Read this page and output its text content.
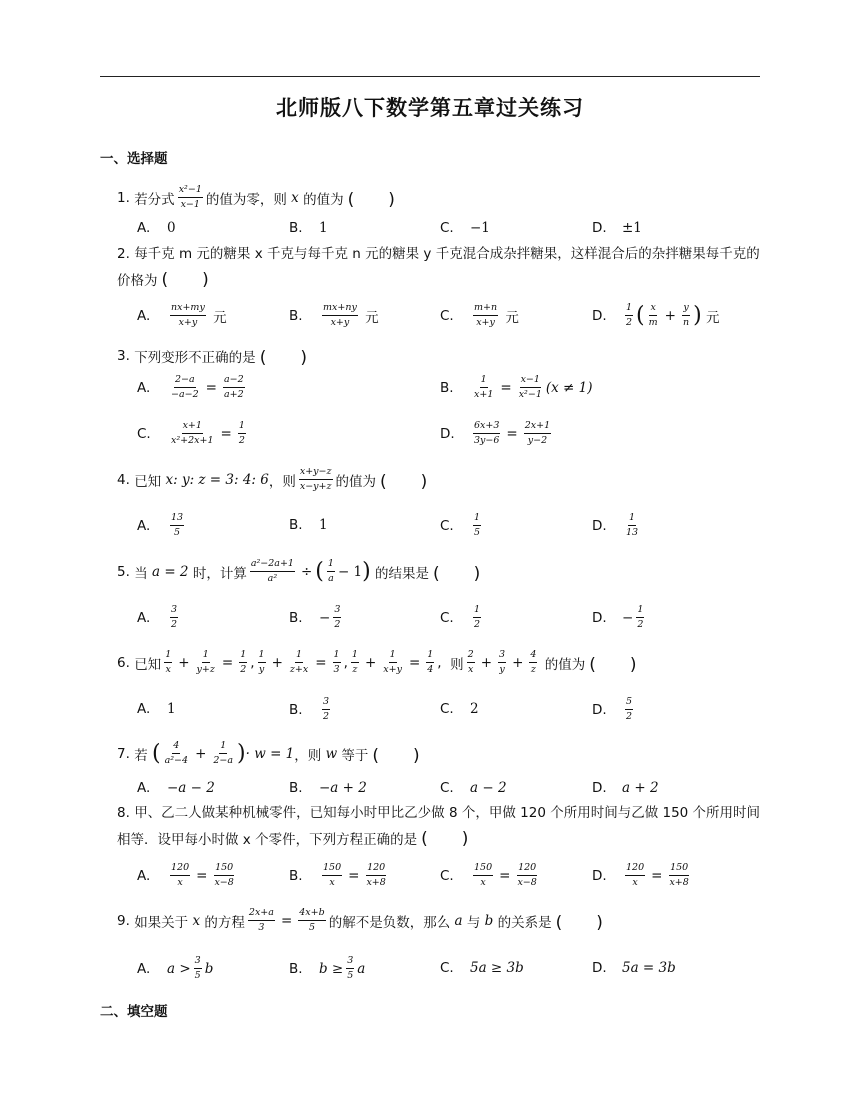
北师版八下数学第五章过关练习
一、选择题
1.
若分式 $\frac{\text{x²−1}}{x-1}$ 的值为零，则
x
的值为 (　　)
A.	0	B.	1	C.	−1	D.	±1
2. 每千克 m 元的糖果 x 千克与每千克 n 元的糖果 y 千克混合成杂拌糖果，这样混合后的杂拌糖果每千克的价格为 (　　)
A.	$\frac{nx+my}{x+y}$
元	B.	$\frac{mx+ny}{x+y}$
元	C.	$\frac{m+n}{x+y}$
元	D.	$\frac{1}{2}$ ( $\frac{x}{m} + \frac{y}{n}$ )
元
3.
下列变形不正确的是 (　　)
A.	$\frac{2-a}{-a-2} = \frac{a-2}{a+2}$	B.	$\frac{1}{x+1} = \frac{x-1}{\text{x²−1}} (x \ne 1)$
C.	$\frac{x+1}{\text{x²+2x+1}} = \frac{1}{2}$	D.	$\frac{6x+3}{3y-6} = \frac{2x+1}{y-2}$
4.
已知
x: y: z = 3: 4: 6 ，则 $\frac{x+y-z}{x-y+z}$ 的值为 (　　)
A.	$\frac{13}{5}$	B.	1	C.	$\frac{1}{5}$	D.	$\frac{1}{13}$
5.
当
a = 2
时，计算 $\frac{\text{a²−2a+1}}{\text{a²}}$ ÷ ( $\frac{1}{a} - 1$ )
的结果是 (　　)
A.	$\frac{3}{2}$	B.	− $\frac{3}{2}$	C.	$\frac{1}{2}$	D.	− $\frac{1}{2}$
6.
已知 $\frac{1}{x} + \frac{1}{y+z} = \frac{1}{2}$ , $\frac{1}{y} + \frac{1}{z+x} = \frac{1}{3}$ , $\frac{1}{z} + \frac{1}{x+y} = \frac{1}{4}$ , 则 $\frac{2}{x} + \frac{3}{y} + \frac{4}{z}$
的值为 (　　)
A.	1	B.	$\frac{3}{2}$	C.	2	D.	$\frac{5}{2}$
7.
若
( $\frac{4}{\text{a²−4}} + \frac{1}{2-a}$ ) · w = 1 ，则
w
等于 (　　)
A.	−a − 2	B.	−a + 2	C.	a − 2	D.	a + 2
8. 甲、乙二人做某种机械零件，已知每小时甲比乙少做 8 个，甲做 120 个所用时间与乙做 150 个所用时间相等．设甲每小时做 x 个零件，下列方程正确的是 (　　)
A.	$\frac{120}{x} = \frac{150}{x-8}$	B.	$\frac{150}{x} = \frac{120}{x+8}$	C.	$\frac{150}{x} = \frac{120}{x-8}$	D.	$\frac{120}{x} = \frac{150}{x+8}$
9.
如果关于
x
的方程 $\frac{2x+a}{3} = \frac{4x+b}{5}$ 的解不是负数，那么
a
与
b
的关系是 (　　)
A.	$a > \frac{3}{5}$ b	B.	$b \ge \frac{3}{5}$ a	C.	5a ≥ 3b	D.	5a = 3b
二、填空题
